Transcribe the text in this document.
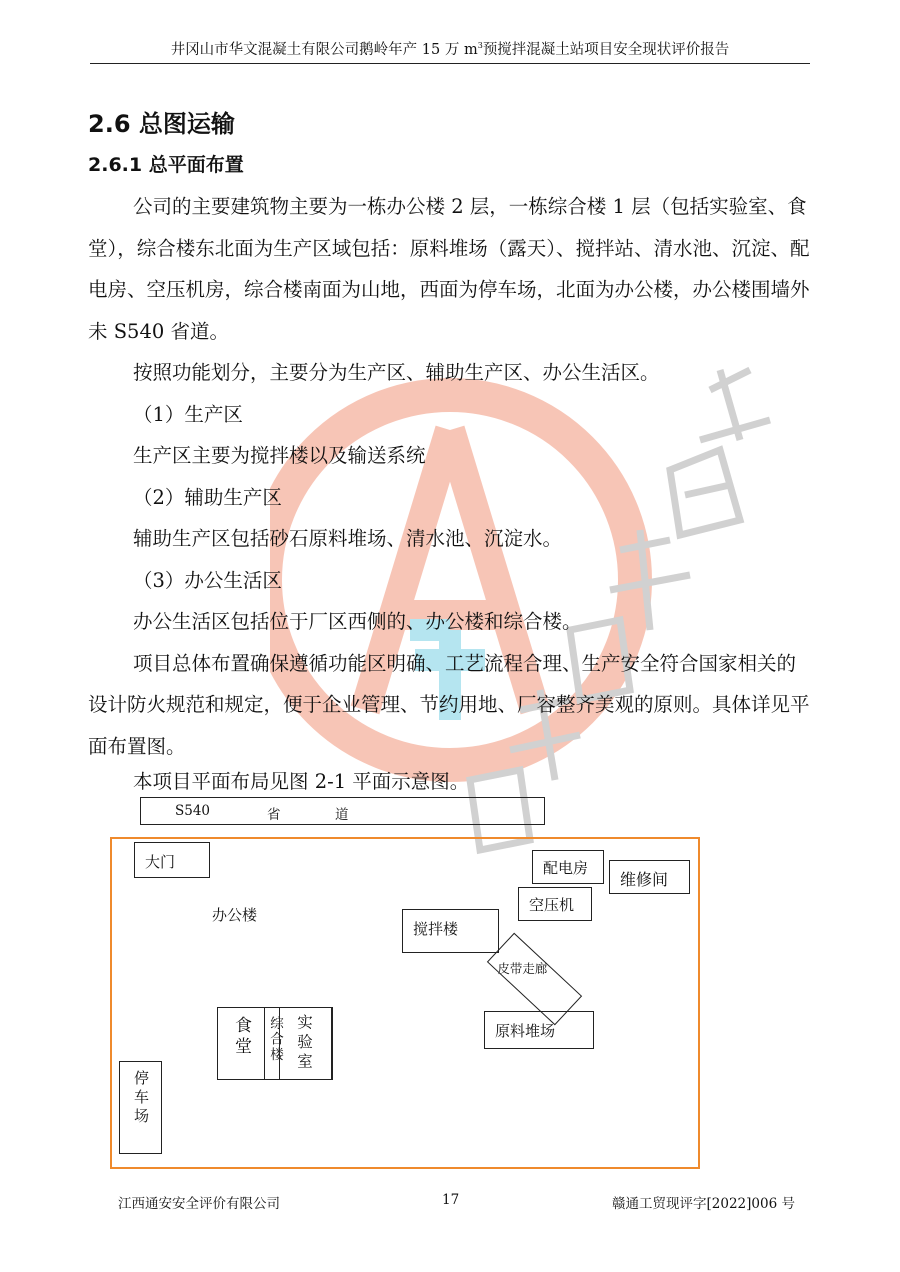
井冈山市华文混凝土有限公司鹅岭年产 15 万 $m^3$预搅拌混凝土站项目安全现状评价报告
2.6 总图运输
2.6.1 总平面布置

公司的主要建筑物主要为一栋办公楼 2 层，一栋综合楼 1 层（包括实验室、食堂），综合楼东北面为生产区域包括：原料堆场（露天）、搅拌站、清水池、沉淀、配电房、空压机房，综合楼南面为山地，西面为停车场，北面为办公楼，办公楼围墙外未 S540 省道。

按照功能划分，主要分为生产区、辅助生产区、办公生活区。

（1）生产区

生产区主要为搅拌楼以及输送系统

（2）辅助生产区

辅助生产区包括砂石原料堆场、清水池、沉淀水。

（3）办公生活区

办公生活区包括位于厂区西侧的、办公楼和综合楼。

项目总体布置确保遵循功能区明确、工艺流程合理、生产安全符合国家相关的设计防火规范和规定，便于企业管理、节约用地、厂容整齐美观的原则。具体详见平面布置图。

本项目平面布局见图 2-1 平面示意图。

S540	省	道
大门
办公楼
食堂 综合楼 实验室
停车场
搅拌楼
皮带走廊
原料堆场
配电房
维修间
空压机
江西通安安全评价有限公司	17	赣通工贸现评字[2022]006 号
